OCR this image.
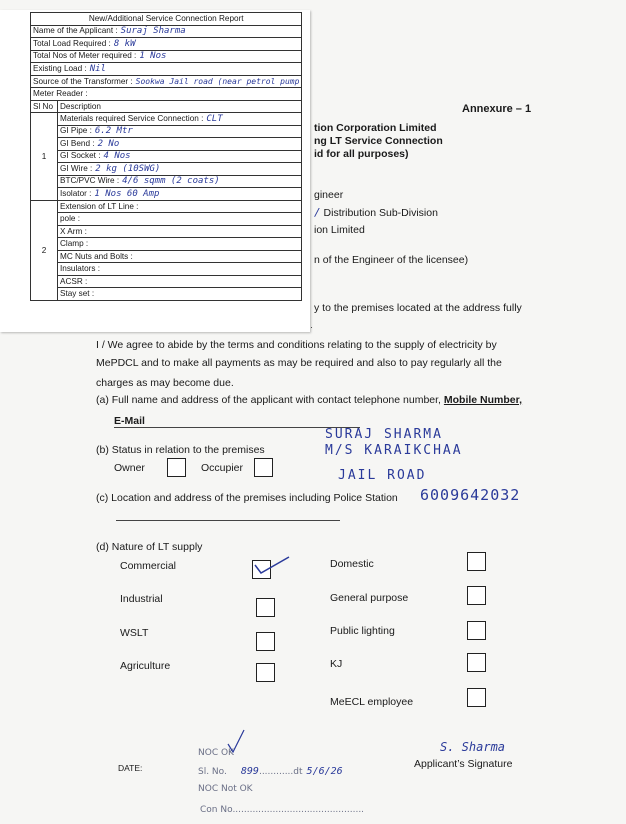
Annexure – 1
tion Corporation Limited
ng LT Service Connection
id for all purposes)
gineer
/ Distribution Sub-Division
ion Limited
n of the Engineer of the licensee)
y to the premises located at the address fully
I / We agree to abide by the terms and conditions relating to the supply of electricity by
MePDCL and to make all payments as may be required and also to pay regularly all the
charges as may become due.
(a) Full name and address of the applicant with contact telephone number, Mobile Number,
E-Mail
SURAJ SHARMA
M/S KARAIKCHAA
JAIL ROAD
6009642032
(b) Status in relation to the premises
Owner	Occupier
(c) Location and address of the premises including Police Station
(d) Nature of LT supply
Commercial
Industrial
WSLT
Agriculture
Domestic
General purpose
Public lighting
KJ
MeECL employee
DATE:
NOC OK
Sl. No. 899............dt 5/6/26
NOC Not OK
Con No..............................................
S. Sharma
Applicant’s Signature
New/Additional Service Connection Report	
Name of the Applicant : Suraj Sharma	
Total Load Required : 8 kW	
Total Nos of Meter required : 1 Nos	
Existing Load : Nil	
Source of the Transformer : Sookwa Jail road (near petrol pump	
Meter Reader :	
Sl No	Description
1	Materials required Service Connection : CLT
	GI Pipe : 6.2 Mtr
	GI Bend : 2 No
	GI Socket : 4 Nos
	GI Wire : 2 kg (10SWG)
	BTC/PVC Wire : 4/6 sqmm (2 coats)
	Isolator : 1 Nos 60 Amp
2	Extension of LT Line :
	pole :
	X Arm :
	Clamp :
	MC Nuts and Bolts :
	Insulators :
	ACSR :
	Stay set :
